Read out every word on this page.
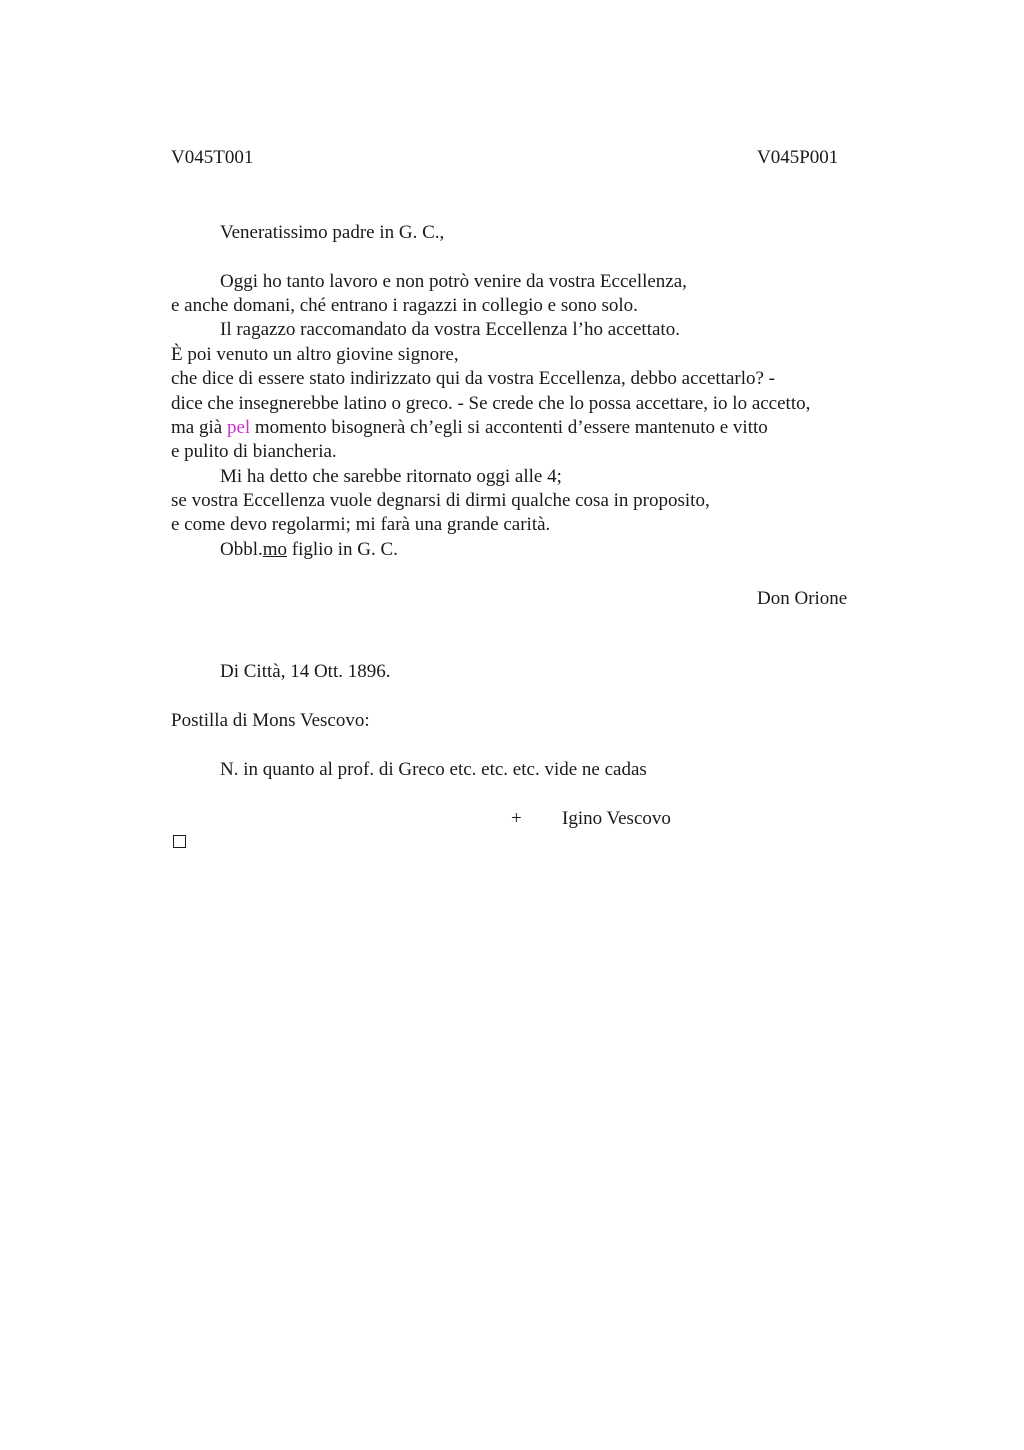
V045T001	V045P001
Veneratissimo padre in G. C.,
Oggi ho tanto lavoro e non potrò venire da vostra Eccellenza,
e anche domani, ché entrano i ragazzi in collegio e sono solo.
Il ragazzo raccomandato da vostra Eccellenza l’ho accettato.
È poi venuto un altro giovine signore,
che dice di essere stato indirizzato qui da vostra Eccellenza, debbo accettarlo? -
dice che insegnerebbe latino o greco. - Se crede che lo possa accettare, io lo accetto,
ma già pel momento bisognerà ch’egli si accontenti d’essere mantenuto e vitto
e pulito di biancheria.
Mi ha detto che sarebbe ritornato oggi alle 4;
se vostra Eccellenza vuole degnarsi di dirmi qualche cosa in proposito,
e come devo regolarmi; mi farà una grande carità.
Obbl.mo figlio in G. C.
Don Orione
Di Città, 14 Ott. 1896.
Postilla di Mons Vescovo:
N. in quanto al prof. di Greco etc. etc. etc. vide ne cadas
+ Igino Vescovo
